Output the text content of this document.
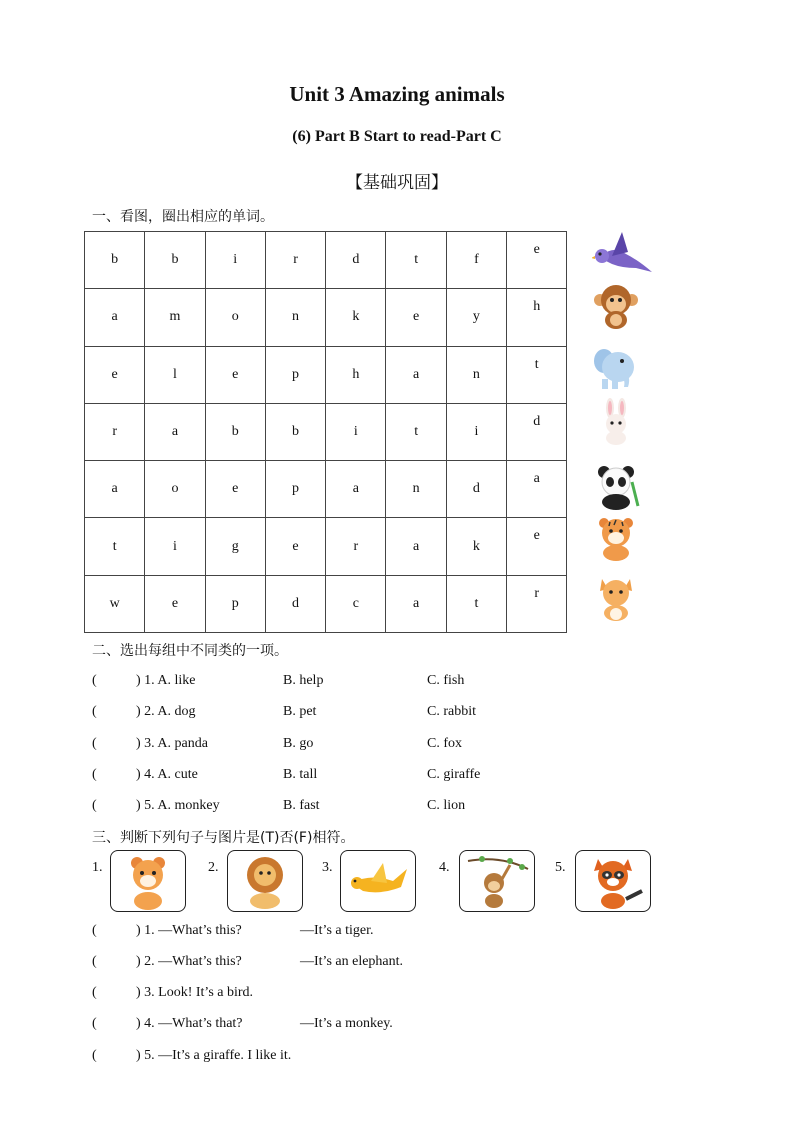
Unit 3 Amazing animals
(6) Part B Start to read-Part C
【基础巩固】
一、看图，圈出相应的单词。
b	b	i	r	d	t	f	e
a	m	o	n	k	e	y	h
e	l	e	p	h	a	n	t
r	a	b	b	i	t	i	d
a	o	e	p	a	n	d	a
t	i	g	e	r	a	k	e
w	e	p	d	c	a	t	r
二、选出每组中不同类的一项。
(	) 1. A. like	B. help	C. fish
(	) 2. A. dog	B. pet	C. rabbit
(	) 3. A. panda	B. go	C. fox
(	) 4. A. cute	B. tall	C. giraffe
(	) 5. A. monkey	B. fast	C. lion
三、判断下列句子与图片是(T)否(F)相符。
1.	2.	3.	4.	5.
(	) 1. —What’s this?	—It’s a tiger.
(	) 2. —What’s this?	—It’s an elephant.
(	) 3. Look! It’s a bird.
(	) 4. —What’s that?	—It’s a monkey.
(	) 5. —It’s a giraffe. I like it.
